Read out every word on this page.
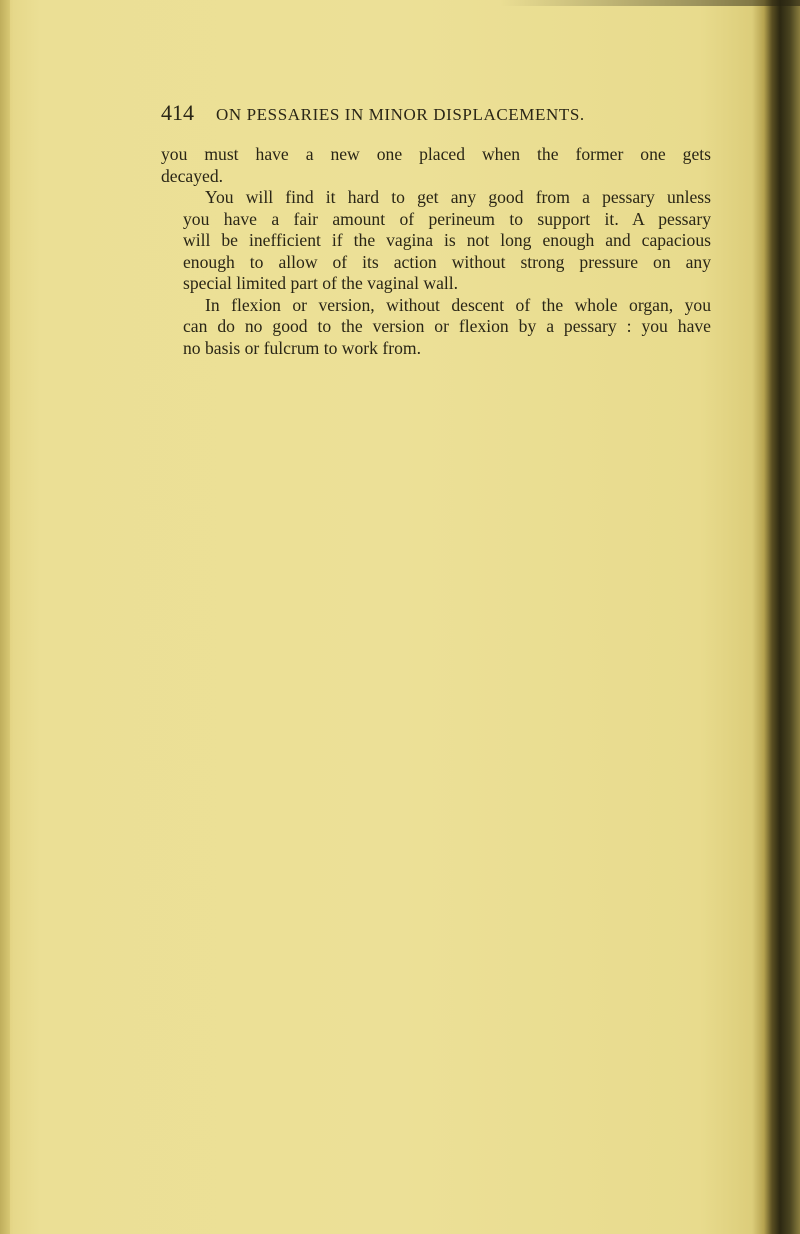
414 ON PESSARIES IN MINOR DISPLACEMENTS.

you must have a new one placed when the former one gets
decayed.

You will find it hard to get any good from a pessary unless
you have a fair amount of perineum to support it. A pessary
will be inefficient if the vagina is not long enough and capacious
enough to allow of its action without strong pressure on any
special limited part of the vaginal wall.

In flexion or version, without descent of the whole organ, you
can do no good to the version or flexion by a pessary : you have
no basis or fulcrum to work from.
